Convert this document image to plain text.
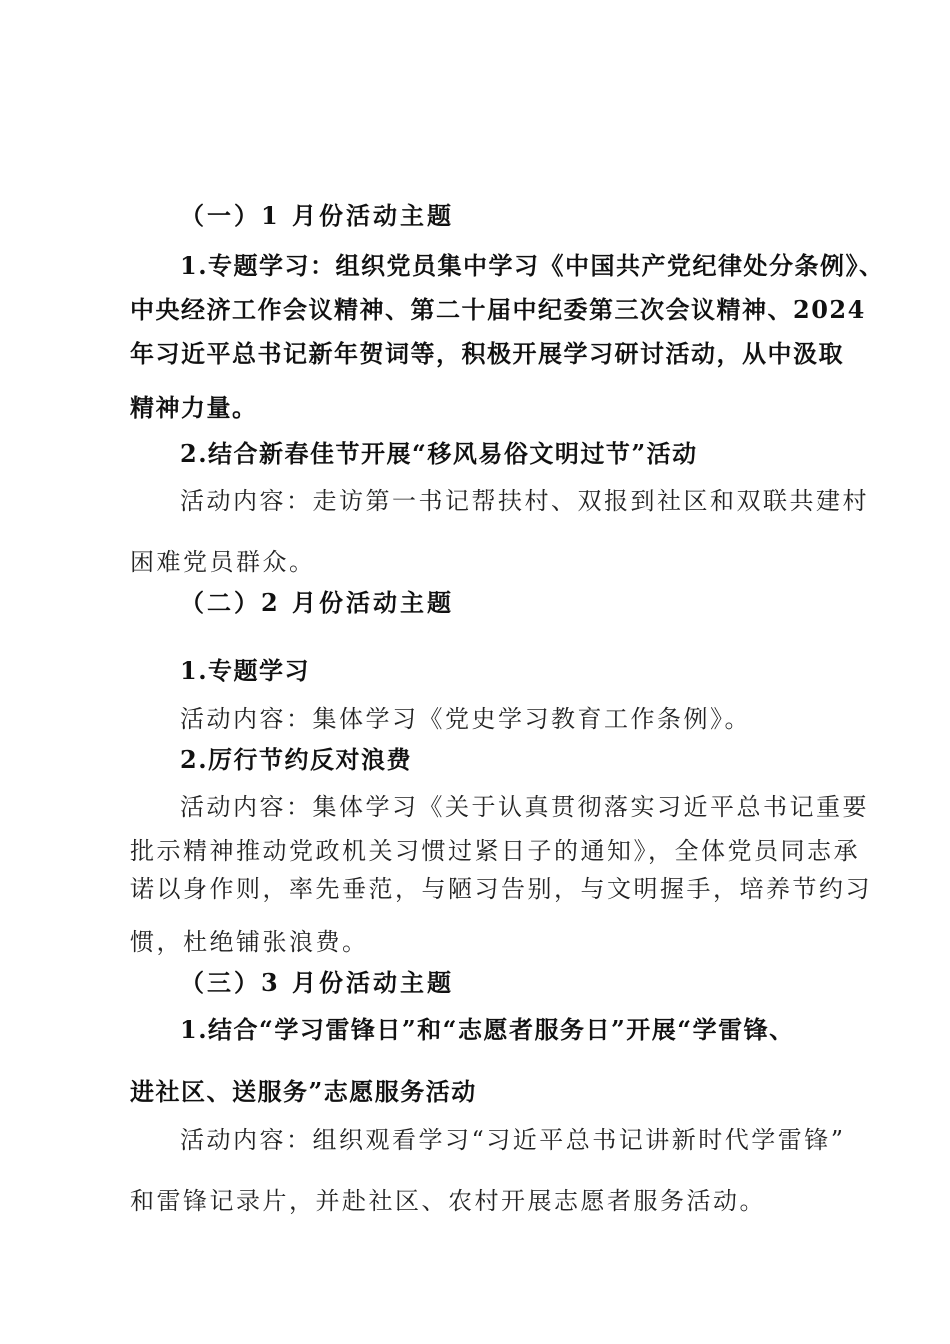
（一）1 月份活动主题
1.专题学习：组织党员集中学习《中国共产党纪律处分条例》、
中央经济工作会议精神、第二十届中纪委第三次会议精神、2024
年习近平总书记新年贺词等，积极开展学习研讨活动，从中汲取
精神力量。
2.结合新春佳节开展“移风易俗文明过节”活动
活动内容：走访第一书记帮扶村、双报到社区和双联共建村
困难党员群众。
（二）2 月份活动主题
1.专题学习
活动内容：集体学习《党史学习教育工作条例》。
2.厉行节约反对浪费
活动内容：集体学习《关于认真贯彻落实习近平总书记重要
批示精神推动党政机关习惯过紧日子的通知》，全体党员同志承
诺以身作则，率先垂范，与陋习告别，与文明握手，培养节约习
惯，杜绝铺张浪费。
（三）3 月份活动主题
1.结合“学习雷锋日”和“志愿者服务日”开展“学雷锋、
进社区、送服务”志愿服务活动
活动内容：组织观看学习“习近平总书记讲新时代学雷锋”
和雷锋记录片，并赴社区、农村开展志愿者服务活动。
